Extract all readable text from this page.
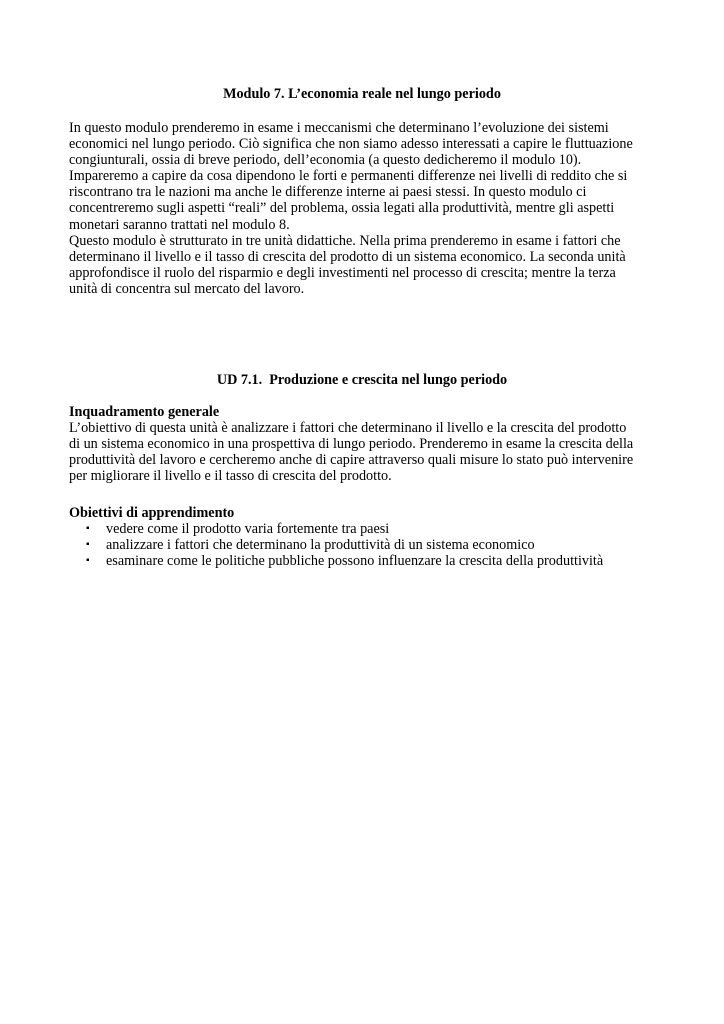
Modulo 7. L’economia reale nel lungo periodo

In questo modulo prenderemo in esame i meccanismi che determinano l’evoluzione dei sistemi
economici nel lungo periodo. Ciò significa che non siamo adesso interessati a capire le fluttuazione
congiunturali, ossia di breve periodo, dell’economia (a questo dedicheremo il modulo 10).
Impareremo a capire da cosa dipendono le forti e permanenti differenze nei livelli di reddito che si
riscontrano tra le nazioni ma anche le differenze interne ai paesi stessi. In questo modulo ci
concentreremo sugli aspetti “reali” del problema, ossia legati alla produttività, mentre gli aspetti
monetari saranno trattati nel modulo 8.
Questo modulo è strutturato in tre unità didattiche. Nella prima prenderemo in esame i fattori che
determinano il livello e il tasso di crescita del prodotto di un sistema economico. La seconda unità
approfondisce il ruolo del risparmio e degli investimenti nel processo di crescita; mentre la terza
unità di concentra sul mercato del lavoro.

UD 7.1.  Produzione e crescita nel lungo periodo

Inquadramento generale

L’obiettivo di questa unità è analizzare i fattori che determinano il livello e la crescita del prodotto
di un sistema economico in una prospettiva di lungo periodo. Prenderemo in esame la crescita della
produttività del lavoro e cercheremo anche di capire attraverso quali misure lo stato può intervenire
per migliorare il livello e il tasso di crescita del prodotto.

Obiettivi di apprendimento

▪ vedere come il prodotto varia fortemente tra paesi
▪ analizzare i fattori che determinano la produttività di un sistema economico
▪ esaminare come le politiche pubbliche possono influenzare la crescita della produttività
